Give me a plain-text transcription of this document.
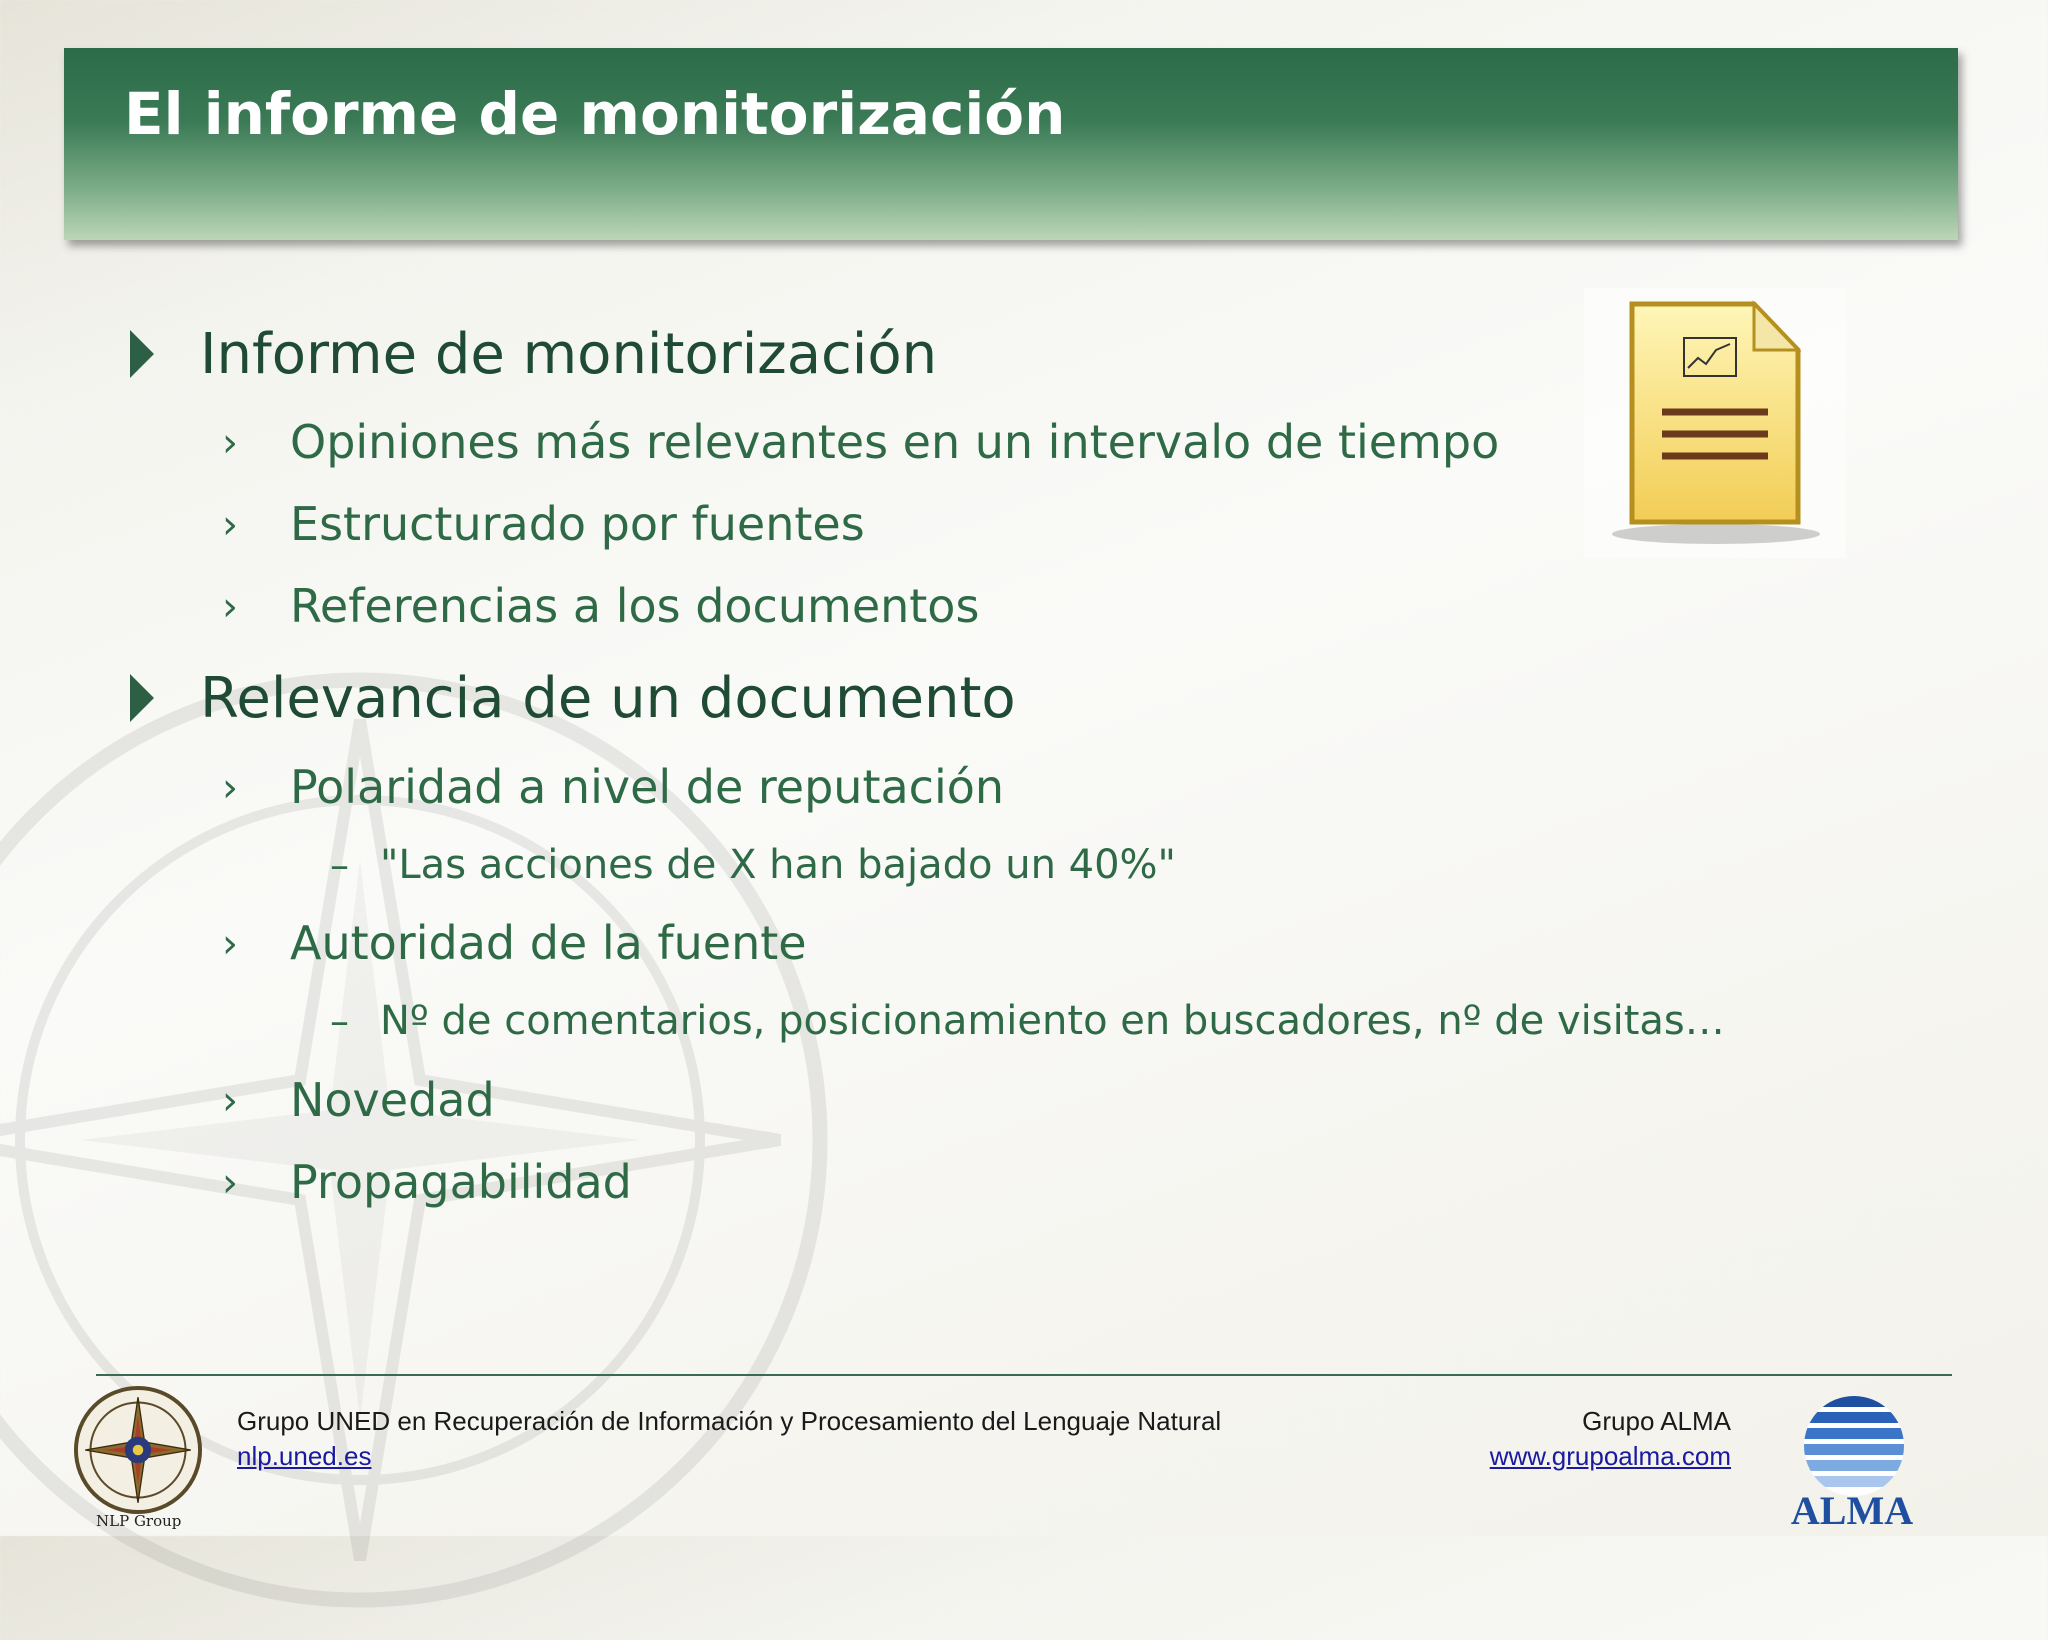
El informe de monitorización
Informe de monitorización
› Opiniones más relevantes en un intervalo de tiempo
› Estructurado por fuentes
› Referencias a los documentos
Relevancia de un documento
› Polaridad a nivel de reputación
– "Las acciones de X han bajado un 40%"
› Autoridad de la fuente
– Nº de comentarios, posicionamiento en buscadores, nº de visitas…
› Novedad
› Propagabilidad
NLP Group
Grupo UNED en Recuperación de Información y Procesamiento del Lenguaje Natural
nlp.uned.es
Grupo ALMA
www.grupoalma.com
ALMA
